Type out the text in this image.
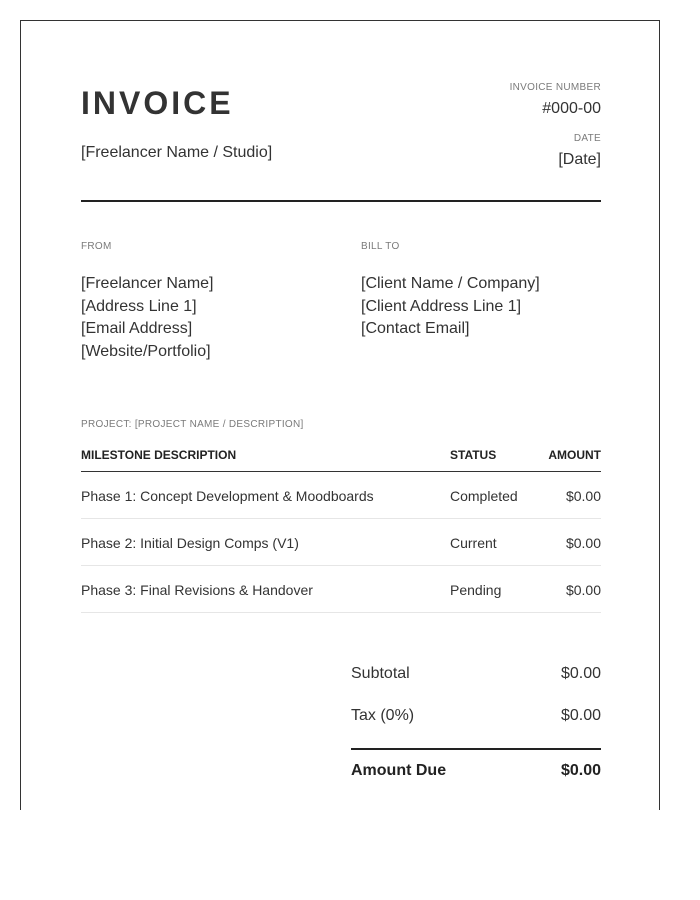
INVOICE
[Freelancer Name / Studio]
INVOICE NUMBER
#000-00
DATE
[Date]
FROM
[Freelancer Name]
[Address Line 1]
[Email Address]
[Website/Portfolio]
BILL TO
[Client Name / Company]
[Client Address Line 1]
[Contact Email]
PROJECT: [PROJECT NAME / DESCRIPTION]
MILESTONE DESCRIPTION	STATUS	AMOUNT
Phase 1: Concept Development & Moodboards	Completed	$0.00
Phase 2: Initial Design Comps (V1)	Current	$0.00
Phase 3: Final Revisions & Handover	Pending	$0.00
Subtotal	$0.00
Tax (0%)	$0.00
Amount Due	$0.00
